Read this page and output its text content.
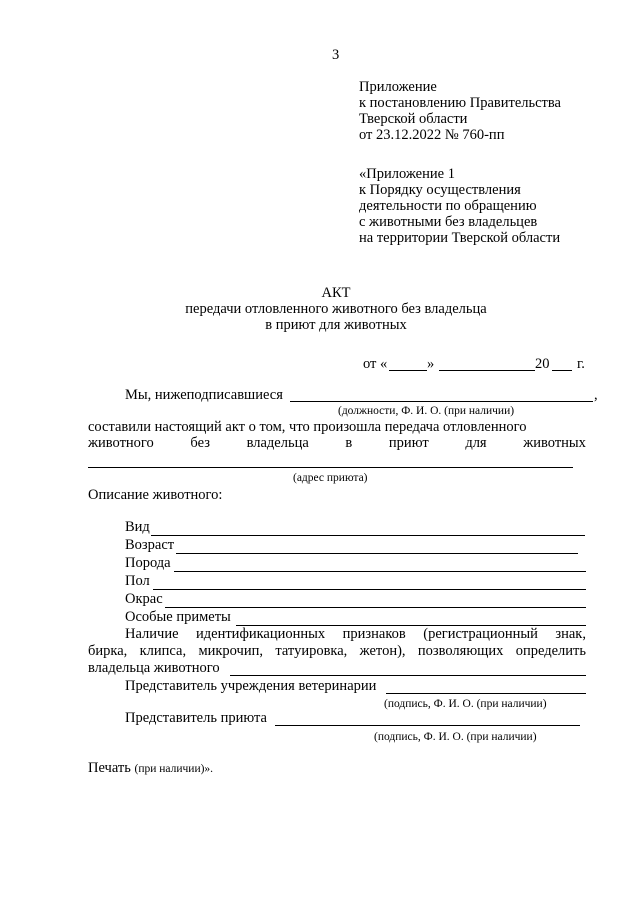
3
Приложение
к постановлению Правительства
Тверской области
от 23.12.2022 № 760-пп
«Приложение 1
к Порядку осуществления
деятельности по обращению
с животными без владельцев
на территории Тверской области
АКТ
передачи отловленного животного без владельца
в приют для животных
от «	»	20 г.
Мы, нижеподписавшиеся	,
(должности, Ф. И. О. (при наличии)
составили настоящий акт о том, что произошла передача отловленного
животного	без	владельца	в	приют	для	животных
(адрес приюта)
Описание животного:
Вид
Возраст
Порода
Пол
Окрас
Особые приметы
Наличие идентификационных признаков (регистрационный знак,
бирка, клипса, микрочип, татуировка, жетон), позволяющих определить
владельца животного
Представитель учреждения ветеринарии
(подпись, Ф. И. О. (при наличии)
Представитель приюта
(подпись, Ф. И. О. (при наличии)
Печать (при наличии)».
